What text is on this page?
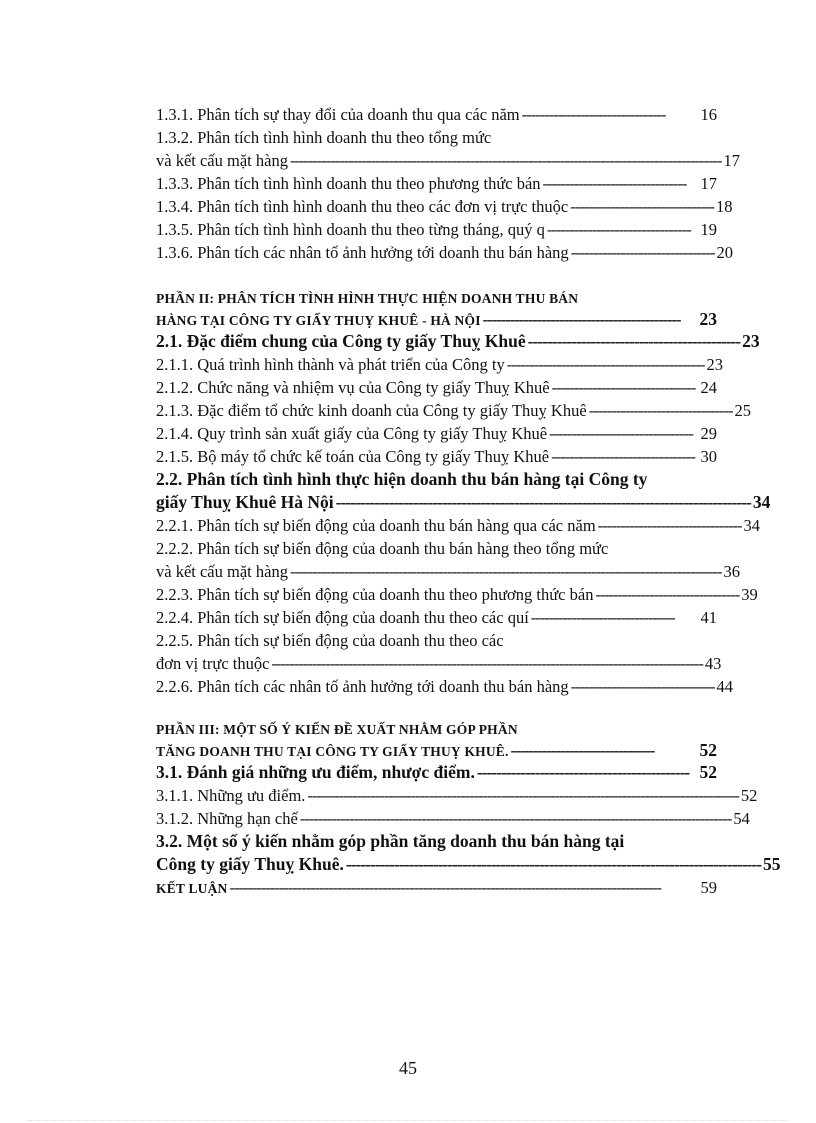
1.3.1. Phân tích sự thay đổi của doanh thu qua các năm --------------------------------	16
1.3.2. Phân tích tình hình doanh thu theo tổng mức
và kết cấu mặt hàng ------------------------------------------------------------------------------------------------ 17
1.3.3. Phân tích tình hình doanh thu theo phương thức bán -------------------------------- 17
1.3.4. Phân tích tình hình doanh thu theo các đơn vị trực thuộc -------------------------------- 18
1.3.5. Phân tích tình hình doanh thu theo từng tháng, quý q -------------------------------- 19
1.3.6. Phân tích các nhân tố ảnh hưởng tới doanh thu bán hàng -------------------------------- 20
PHẦN II: PHÂN TÍCH TÌNH HÌNH THỰC HIỆN DOANH THU BÁN
HÀNG TẠI CÔNG TY GIẤY THUỴ KHUÊ - HÀ NỘI --------------------------------------------	23
2.1. Đặc điểm chung của Công ty giấy Thuỵ Khuê -------------------------------------------- 23
2.1.1. Quá trình hình thành và phát triển của Công ty -------------------------------------------- 23
2.1.2. Chức năng và nhiệm vụ của Công ty giấy Thuỵ Khuê -------------------------------- 24
2.1.3. Đặc điểm tổ chức kinh doanh của Công ty giấy Thuỵ Khuê -------------------------------- 25
2.1.4. Quy trình sản xuất giấy của Công ty giấy Thuỵ Khuê -------------------------------- 29
2.1.5. Bộ máy tổ chức kế toán của Công ty giấy Thuỵ Khuê -------------------------------- 30
2.2. Phân tích tình hình thực hiện doanh thu bán hàng tại Công ty
giấy Thuỵ Khuê Hà Nội -------------------------------------------------------------------------------------- 34
2.2.1. Phân tích sự biến động của doanh thu bán hàng qua các năm -------------------------------- 34
2.2.2. Phân tích sự biến động của doanh thu bán hàng theo tổng mức
và kết cấu mặt hàng ------------------------------------------------------------------------------------------------ 36
2.2.3. Phân tích sự biến động của doanh thu theo phương thức bán -------------------------------- 39
2.2.4. Phân tích sự biến động của doanh thu theo các quí --------------------------------	41
2.2.5. Phân tích sự biến động của doanh thu theo các
đơn vị trực thuộc ------------------------------------------------------------------------------------------------ 43
2.2.6. Phân tích các nhân tố ảnh hưởng tới doanh thu bán hàng -------------------------------- 44
PHẦN III: MỘT SỐ Ý KIẾN ĐỀ XUẤT NHẰM GÓP PHẦN
TĂNG DOANH THU TẠI CÔNG TY GIẤY THUỴ KHUÊ. --------------------------------	52
3.1. Đánh giá những ưu điểm, nhược điểm. -------------------------------------------- 52
3.1.1. Những ưu điểm. ------------------------------------------------------------------------------------------------ 52
3.1.2. Những hạn chế ------------------------------------------------------------------------------------------------ 54
3.2. Một số ý kiến nhằm góp phần tăng doanh thu bán hàng tại
Công ty giấy Thuỵ Khuê. -------------------------------------------------------------------------------------- 55
KẾT LUẬN ------------------------------------------------------------------------------------------------	59
45
